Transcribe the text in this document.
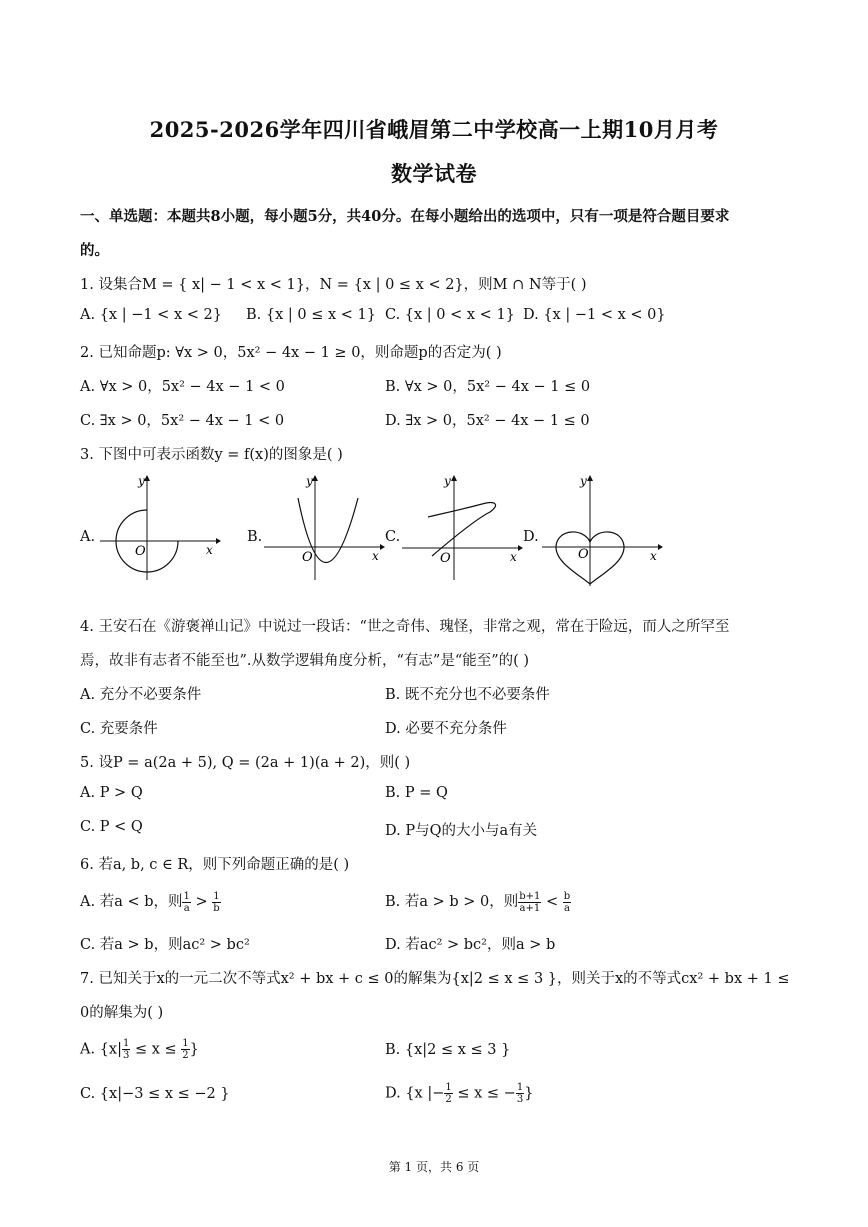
2025-2026学年四川省峨眉第二中学校高一上期10月月考
数学试卷
一、单选题：本题共8小题，每小题5分，共40分。在每小题给出的选项中，只有一项是符合题目要求
的。
1. 设集合M = { x| − 1 < x < 1}，N = {x | 0 ≤ x < 2}，则M ∩ N等于( )
A. {x | −1 < x < 2} B. {x | 0 ≤ x < 1} C. {x | 0 < x < 1} D. {x | −1 < x < 0}
2. 已知命题p: ∀x > 0，5x² − 4x − 1 ≥ 0，则命题p的否定为( )
A. ∀x > 0，5x² − 4x − 1 < 0	B. ∀x > 0，5x² − 4x − 1 ≤ 0
C. ∃x > 0，5x² − 4x − 1 < 0	D. ∃x > 0，5x² − 4x − 1 ≤ 0
3. 下图中可表示函数y = f(x)的图象是( )
A.
O	x
y
B.
O	x
y
C.
O	x
y
D.
O	x
y
4. 王安石在《游褒禅山记》中说过一段话：“世之奇伟、瑰怪，非常之观，常在于险远，而人之所罕至
焉，故非有志者不能至也”.从数学逻辑角度分析，“有志”是“能至”的( )
A. 充分不必要条件	B. 既不充分也不必要条件
C. 充要条件	D. 必要不充分条件
5. 设P = a(2a + 5), Q = (2a + 1)(a + 2)，则( )
A. P > Q	B. P = Q
C. P < Q	D. P与Q的大小与a有关
6. 若a, b, c ∈ R，则下列命题正确的是( )
A. 若a < b，则 $\frac{1}{a} > \frac{1}{b}$	B. 若a > b > 0，则 $\frac{b+1}{a+1} < \frac{b}{a}$
C. 若a > b，则ac² > bc²	D. 若ac² > bc²，则a > b
7. 已知关于x的一元二次不等式x² + bx + c ≤ 0的解集为{x|2 ≤ x ≤ 3 }，则关于x的不等式cx² + bx + 1 ≤
0的解集为( )
A. {$x| \frac{1}{3} \le x \le \frac{1}{2}$ }	B. {x|2 ≤ x ≤ 3 }
C. {x|−3 ≤ x ≤ −2 }	D. {x |− $\frac{1}{2} \le x$ ≤ − $\frac{1}{3}$ }
第 1 页，共 6 页
